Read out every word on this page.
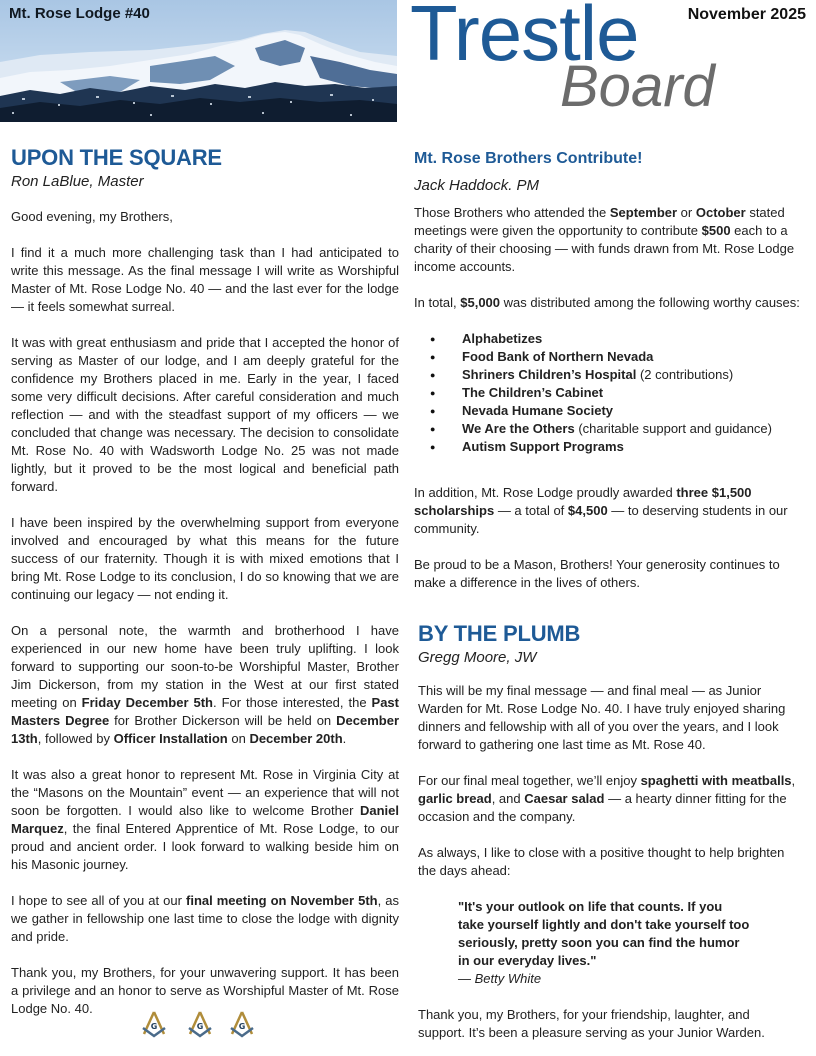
Mt. Rose Lodge #40	Trestle
Board
November 2025
UPON THE SQUARE
Ron LaBlue, Master

Good evening, my Brothers,

I find it a much more challenging task than I had anticipated to write this message. As the final message I will write as Worshipful Master of Mt. Rose Lodge No. 40 — and the last ever for the lodge — it feels somewhat surreal.

It was with great enthusiasm and pride that I accepted the honor of serving as Master of our lodge, and I am deeply grateful for the confidence my Brothers placed in me. Early in the year, I faced some very difficult decisions. After careful consideration and much reflection — and with the steadfast support of my officers — we concluded that change was necessary. The decision to consolidate Mt. Rose No. 40 with Wadsworth Lodge No. 25 was not made lightly, but it proved to be the most logical and beneficial path forward.

I have been inspired by the overwhelming support from everyone involved and encouraged by what this means for the future success of our fraternity. Though it is with mixed emotions that I bring Mt. Rose Lodge to its conclusion, I do so knowing that we are continuing our legacy — not ending it.

On a personal note, the warmth and brotherhood I have experienced in our new home have been truly uplifting. I look forward to supporting our soon-to-be Worshipful Master, Brother Jim Dickerson, from my station in the West at our first stated meeting on Friday December 5th. For those interested, the Past Masters Degree for Brother Dickerson will be held on December 13th, followed by Officer Installation on December 20th.

It was also a great honor to represent Mt. Rose in Virginia City at the “Masons on the Mountain” event — an experience that will not soon be forgotten. I would also like to welcome Brother Daniel Marquez, the final Entered Apprentice of Mt. Rose Lodge, to our proud and ancient order. I look forward to walking beside him on his Masonic journey.

I hope to see all of you at our final meeting on November 5th, as we gather in fellowship one last time to close the lodge with dignity and pride.

Thank you, my Brothers, for your unwavering support. It has been a privilege and an honor to serve as Worshipful Master of Mt. Rose Lodge No. 40.

G	G	G
Mt. Rose Brothers Contribute!
Jack Haddock. PM

Those Brothers who attended the September or October stated meetings were given the opportunity to contribute $500 each to a charity of their choosing — with funds drawn from Mt. Rose Lodge income accounts.

In total, $5,000 was distributed among the following worthy causes:

● Alphabetizes
● Food Bank of Northern Nevada
● Shriners Children’s Hospital (2 contributions)
● The Children’s Cabinet
● Nevada Humane Society
● We Are the Others (charitable support and guidance)
● Autism Support Programs

In addition, Mt. Rose Lodge proudly awarded three $1,500 scholarships — a total of $4,500 — to deserving students in our community.

Be proud to be a Mason, Brothers! Your generosity continues to make a difference in the lives of others.

BY THE PLUMB
Gregg Moore, JW

This will be my final message — and final meal — as Junior Warden for Mt. Rose Lodge No. 40. I have truly enjoyed sharing dinners and fellowship with all of you over the years, and I look forward to gathering one last time as Mt. Rose 40.

For our final meal together, we’ll enjoy spaghetti with meatballs, garlic bread, and Caesar salad — a hearty dinner fitting for the occasion and the company.

As always, I like to close with a positive thought to help brighten the days ahead:

"It's your outlook on life that counts. If you
take yourself lightly and don't take yourself too
seriously, pretty soon you can find the humor
in our everyday lives."
— Betty White

Thank you, my Brothers, for your friendship, laughter, and support. It’s been a pleasure serving as your Junior Warden.
